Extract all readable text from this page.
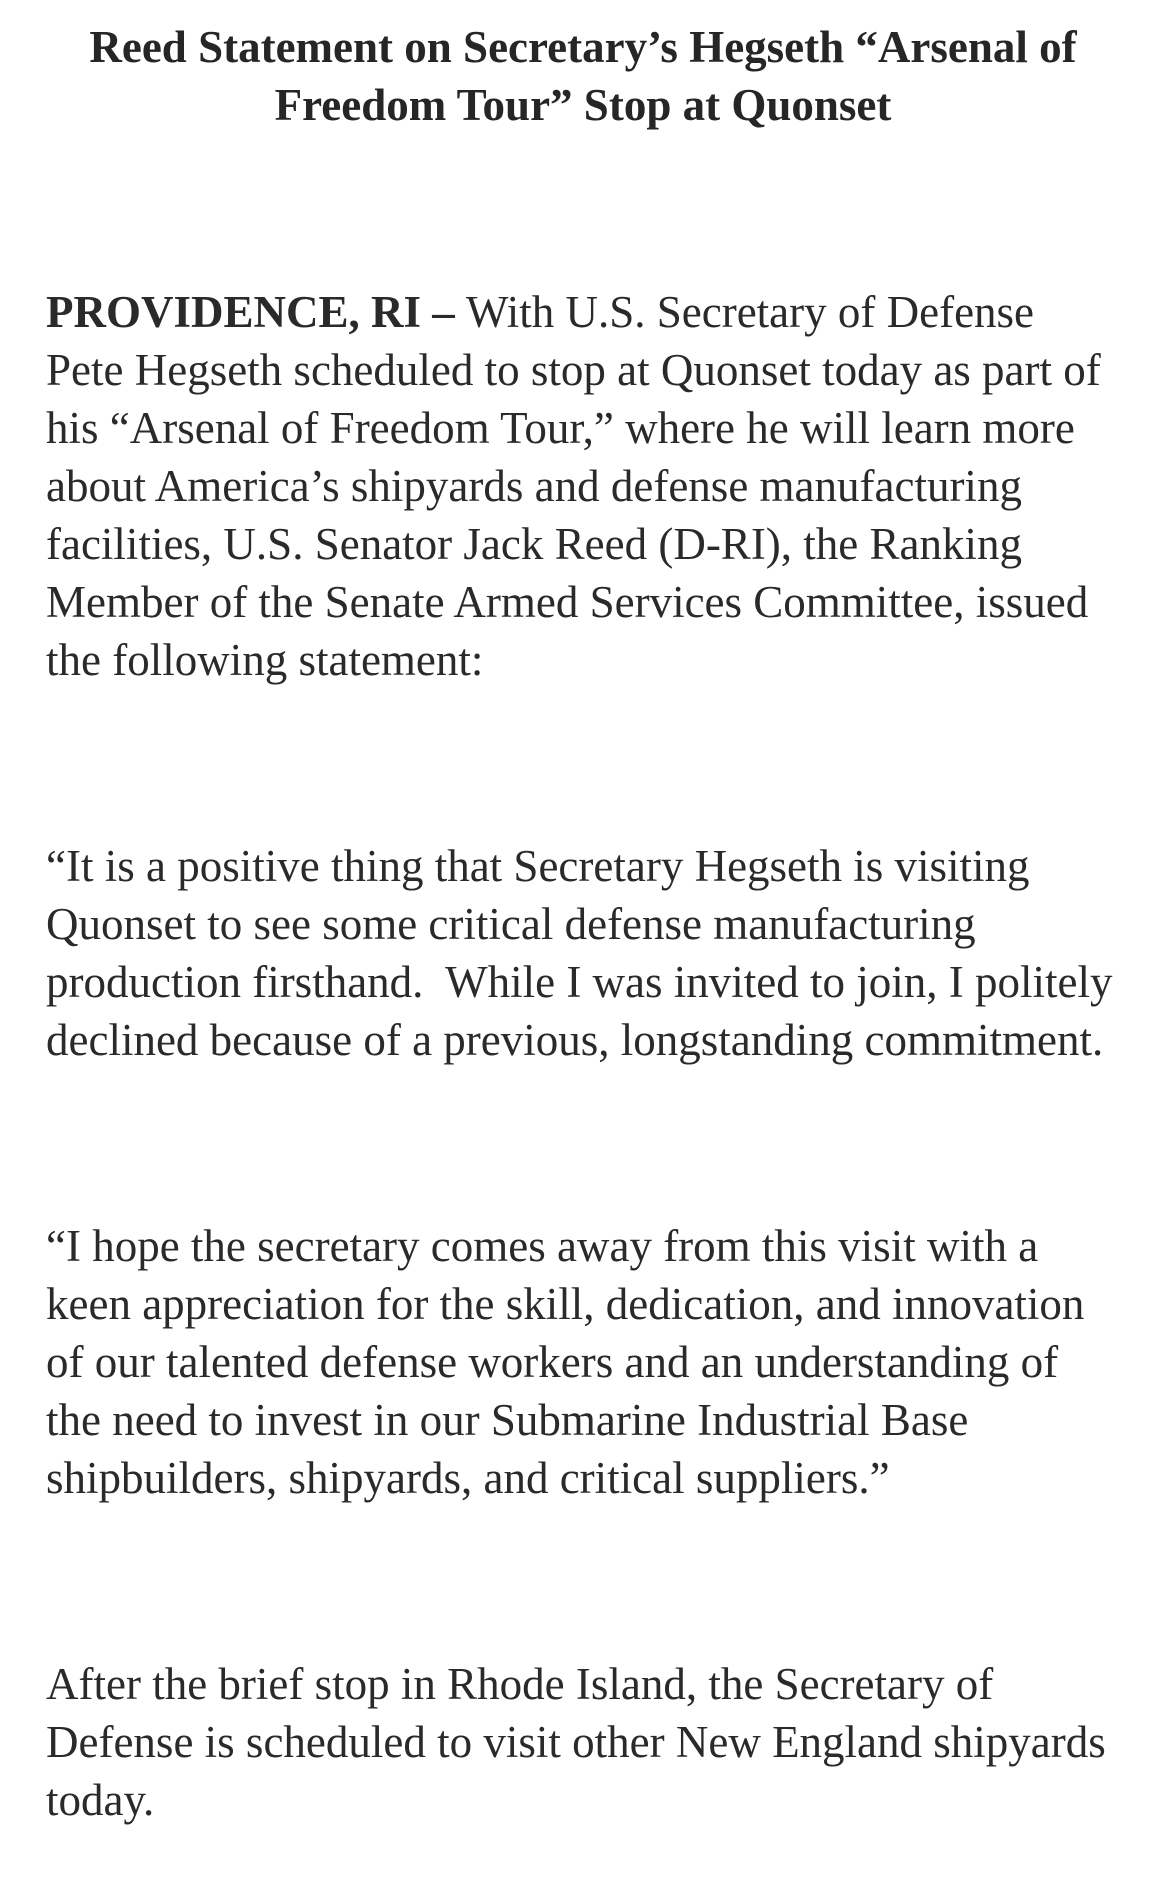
Reed Statement on Secretary’s Hegseth “Arsenal of
Freedom Tour” Stop at Quonset

PROVIDENCE, RI – With U.S. Secretary of Defense
Pete Hegseth scheduled to stop at Quonset today as part of
his “Arsenal of Freedom Tour,” where he will learn more
about America’s shipyards and defense manufacturing
facilities, U.S. Senator Jack Reed (D-RI), the Ranking
Member of the Senate Armed Services Committee, issued
the following statement:

“It is a positive thing that Secretary Hegseth is visiting
Quonset to see some critical defense manufacturing
production firsthand.  While I was invited to join, I politely
declined because of a previous, longstanding commitment.

“I hope the secretary comes away from this visit with a
keen appreciation for the skill, dedication, and innovation
of our talented defense workers and an understanding of
the need to invest in our Submarine Industrial Base
shipbuilders, shipyards, and critical suppliers.”

After the brief stop in Rhode Island, the Secretary of
Defense is scheduled to visit other New England shipyards
today.
